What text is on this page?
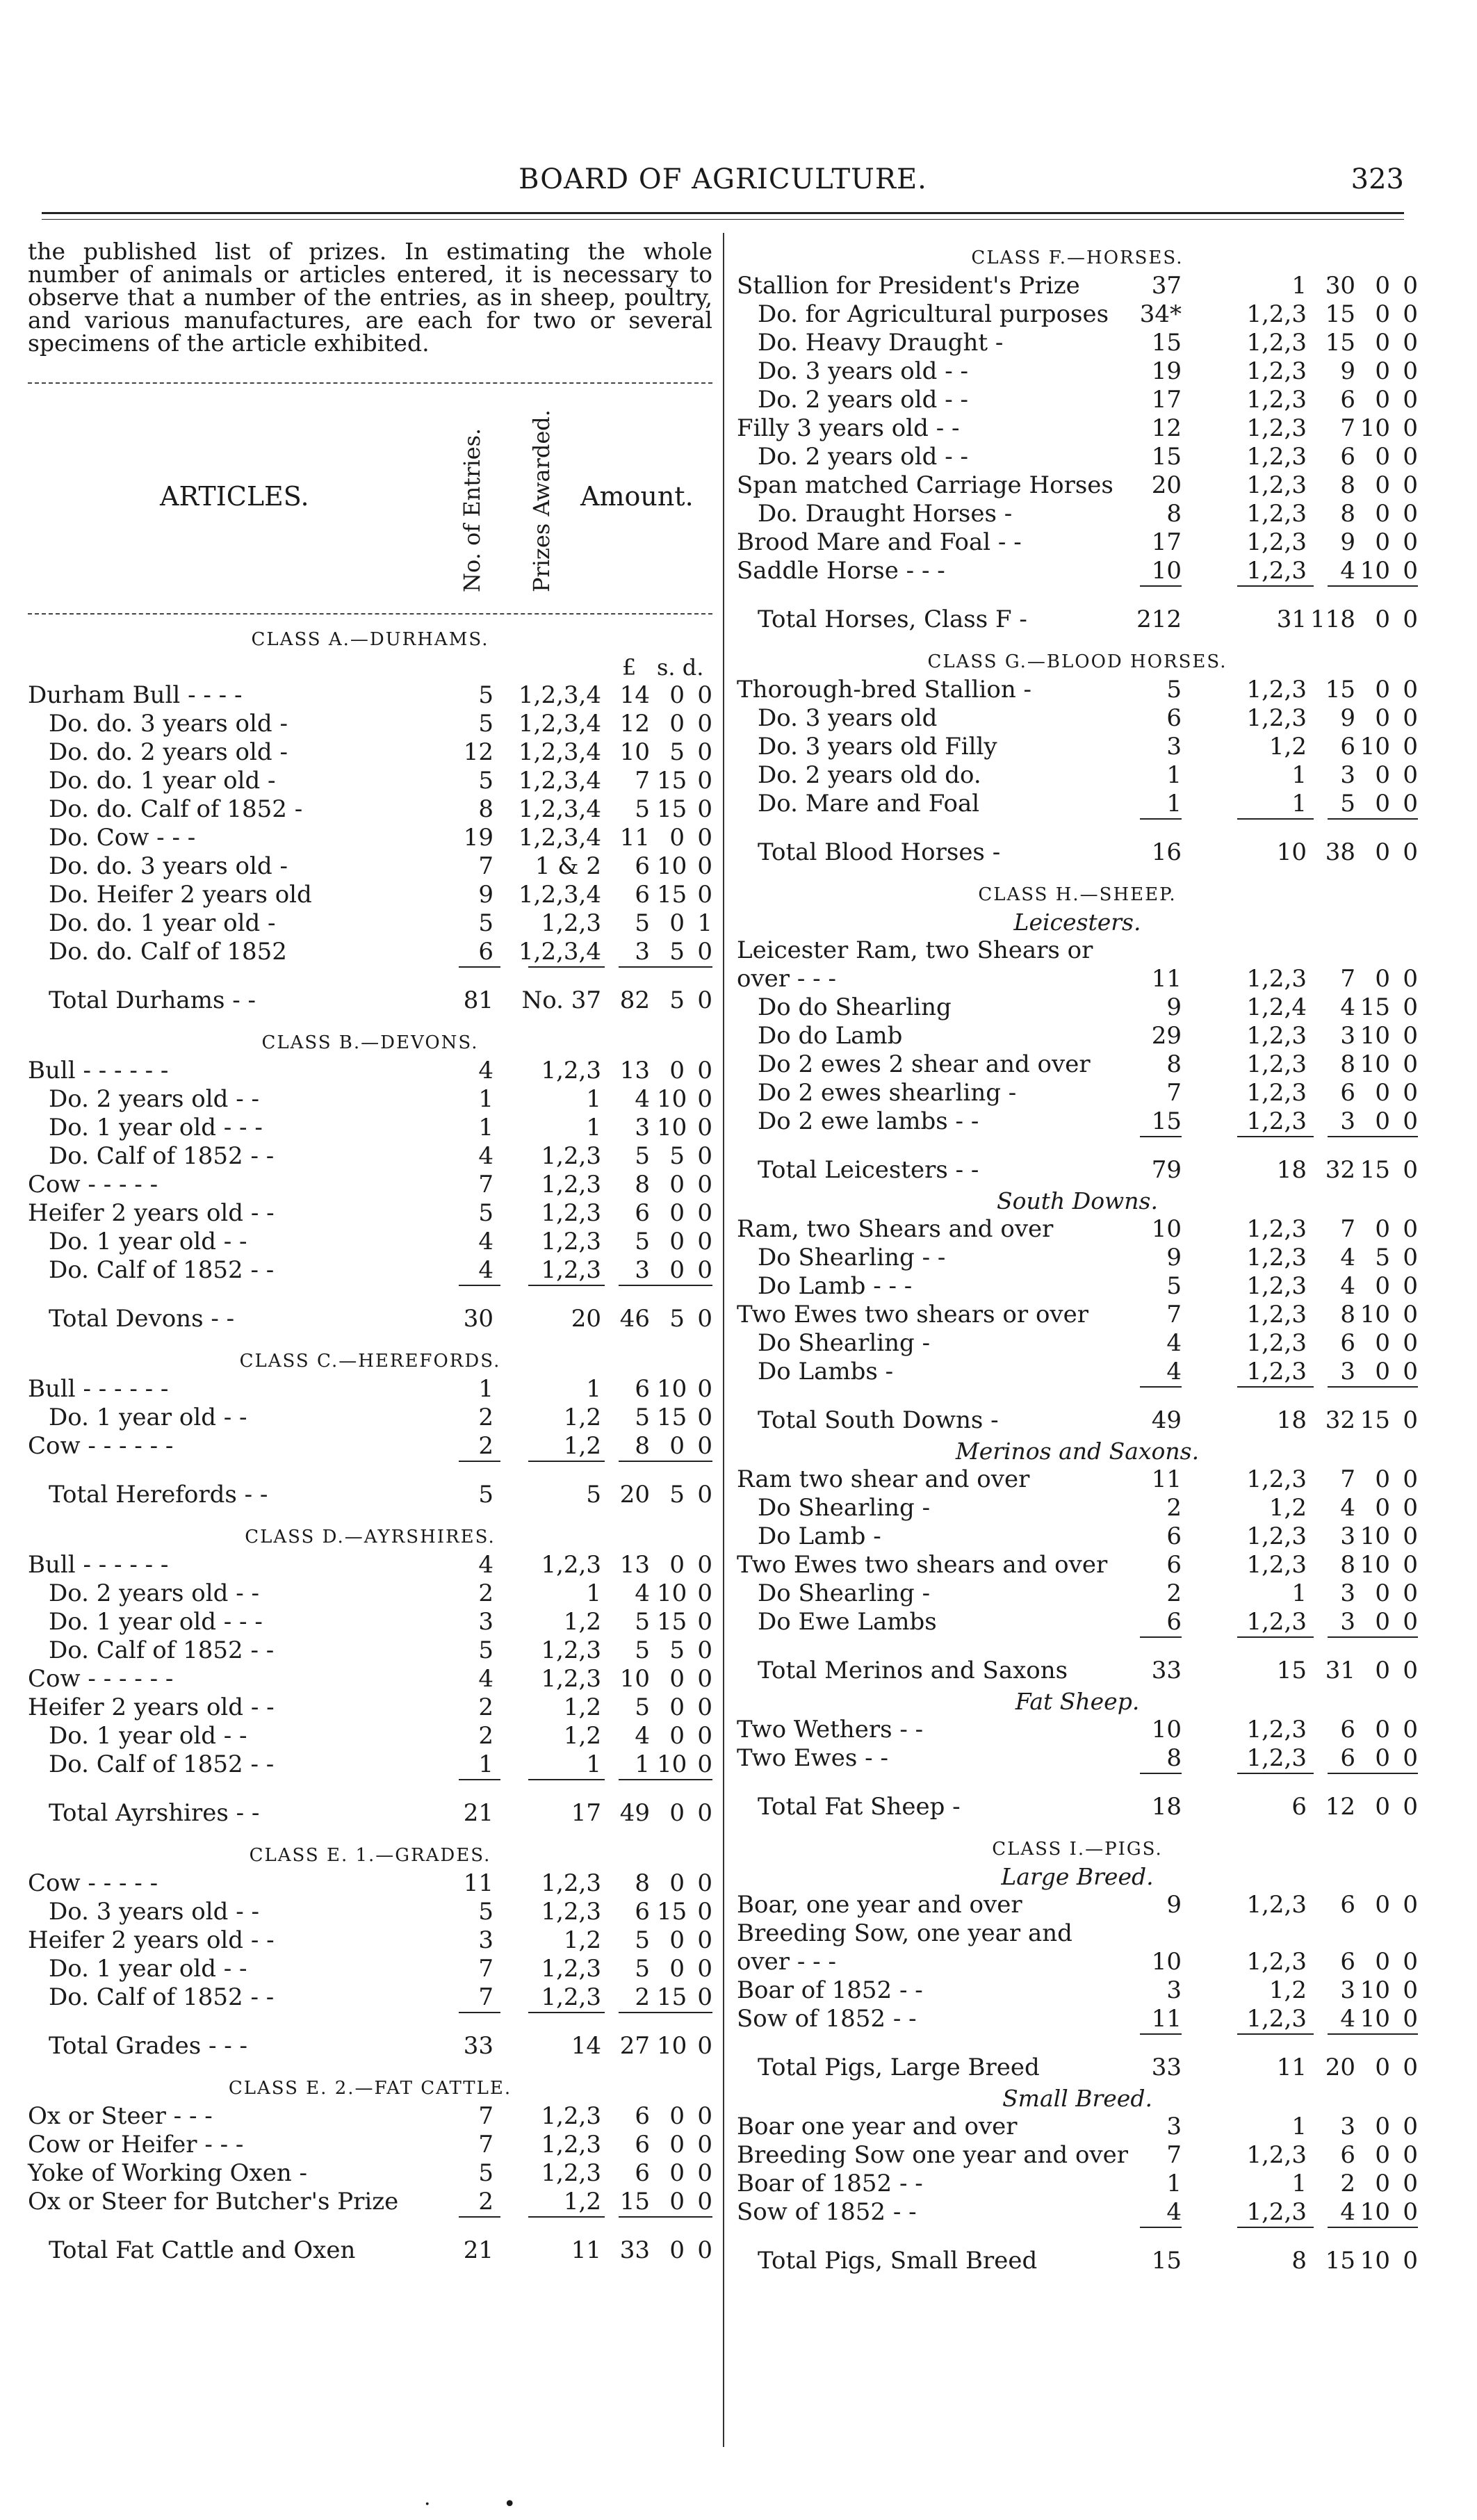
BOARD OF AGRICULTURE.	323

the published list of prizes. In estimating the whole number of animals or articles entered, it is necessary to observe that a number of the entries, as in sheep, poultry, and various manufactures, are each for two or several specimens of the article exhibited.

ARTICLES.	No. of Entries. Prizes Awarded. Amount.
CLASS A.—DURHAMS.
£ s. d.
Durham Bull - - - -	5	1,2,3,4 14 0 0
Do. do. 3 years old -	5	1,2,3,4 12 0 0
Do. do. 2 years old -	12	1,2,3,4 10 5 0
Do. do. 1 year old -	5	1,2,3,4	7 15 0
Do. do. Calf of 1852 -	8	1,2,3,4	5 15 0
Do. Cow - - -	19	1,2,3,4 11 0 0
Do. do. 3 years old -	7	1 & 2	6 10 0
Do. Heifer 2 years old	9	1,2,3,4	6 15 0
Do. do. 1 year old -	5	1,2,3	5 0 1
Do. do. Calf of 1852	6	1,2,3,4	3 5 0
Total Durhams - -	81	No. 37 82 5 0
CLASS B.—DEVONS.
Bull - - - - - -	4	1,2,3 13 0 0
Do. 2 years old - -	1	1	4 10 0
Do. 1 year old - - -	1	1	3 10 0
Do. Calf of 1852 - -	4	1,2,3	5 5 0
Cow - - - - -	7	1,2,3	8 0 0
Heifer 2 years old - -	5	1,2,3	6 0 0
Do. 1 year old - -	4	1,2,3	5 0 0
Do. Calf of 1852 - -	4	1,2,3	3 0 0
Total Devons - -	30	20 46 5 0
CLASS C.—HEREFORDS.
Bull - - - - - -	1	1	6 10 0
Do. 1 year old - -	2	1,2	5 15 0
Cow - - - - - -	2	1,2	8 0 0
Total Herefords - -	5	5 20 5 0
CLASS D.—AYRSHIRES.
Bull - - - - - -	4	1,2,3 13 0 0
Do. 2 years old - -	2	1	4 10 0
Do. 1 year old - - -	3	1,2	5 15 0
Do. Calf of 1852 - -	5	1,2,3	5 5 0
Cow - - - - - -	4	1,2,3 10 0 0
Heifer 2 years old - -	2	1,2	5 0 0
Do. 1 year old - -	2	1,2	4 0 0
Do. Calf of 1852 - -	1	1	1 10 0
Total Ayrshires - -	21	17 49 0 0
CLASS E. 1.—GRADES.
Cow - - - - -	11	1,2,3	8 0 0
Do. 3 years old - -	5	1,2,3	6 15 0
Heifer 2 years old - -	3	1,2	5 0 0
Do. 1 year old - -	7	1,2,3	5 0 0
Do. Calf of 1852 - -	7	1,2,3	2 15 0
Total Grades - - -	33	14 27 10 0
CLASS E. 2.—FAT CATTLE.
Ox or Steer - - -	7	1,2,3	6 0 0
Cow or Heifer - - -	7	1,2,3	6 0 0
Yoke of Working Oxen -	5	1,2,3	6 0 0
Ox or Steer for Butcher's Prize	2	1,2 15 0 0
Total Fat Cattle and Oxen	21	11 33 0 0
CLASS F.—HORSES.
Stallion for President's Prize	37	1 30 0 0
Do. for Agricultural purposes	34*	1,2,3 15 0 0
Do. Heavy Draught -	15	1,2,3 15 0 0
Do. 3 years old - -	19	1,2,3	9 0 0
Do. 2 years old - -	17	1,2,3	6 0 0
Filly 3 years old - -	12	1,2,3	7 10 0
Do. 2 years old - -	15	1,2,3	6 0 0
Span matched Carriage Horses	20	1,2,3	8 0 0
Do. Draught Horses -	8	1,2,3	8 0 0
Brood Mare and Foal - -	17	1,2,3	9 0 0
Saddle Horse - - -	10	1,2,3	4 10 0
Total Horses, Class F -	212	31 118 0 0
CLASS G.—BLOOD HORSES.
Thorough-bred Stallion -	5	1,2,3 15 0 0
Do. 3 years old	6	1,2,3	9 0 0
Do. 3 years old Filly	3	1,2	6 10 0
Do. 2 years old do.	1	1	3 0 0
Do. Mare and Foal	1	1	5 0 0
Total Blood Horses -	16	10 38 0 0
CLASS H.—SHEEP.
Leicesters.
Leicester Ram, two Shears or
over - - -	11	1,2,3	7 0 0
Do do Shearling	9	1,2,4	4 15 0
Do do Lamb	29	1,2,3	3 10 0
Do 2 ewes 2 shear and over	8	1,2,3	8 10 0
Do 2 ewes shearling -	7	1,2,3	6 0 0
Do 2 ewe lambs - -	15	1,2,3	3 0 0
Total Leicesters - -	79	18 32 15 0
South Downs.
Ram, two Shears and over	10	1,2,3	7 0 0
Do Shearling - -	9	1,2,3	4 5 0
Do Lamb - - -	5	1,2,3	4 0 0
Two Ewes two shears or over	7	1,2,3	8 10 0
Do Shearling -	4	1,2,3	6 0 0
Do Lambs -	4	1,2,3	3 0 0
Total South Downs -	49	18 32 15 0
Merinos and Saxons.
Ram two shear and over	11	1,2,3	7 0 0
Do Shearling -	2	1,2	4 0 0
Do Lamb -	6	1,2,3	3 10 0
Two Ewes two shears and over	6	1,2,3	8 10 0
Do Shearling -	2	1	3 0 0
Do Ewe Lambs	6	1,2,3	3 0 0
Total Merinos and Saxons	33	15 31 0 0
Fat Sheep.
Two Wethers - -	10	1,2,3	6 0 0
Two Ewes - -	8	1,2,3	6 0 0
Total Fat Sheep -	18	6 12 0 0
CLASS I.—PIGS.
Large Breed.
Boar, one year and over	9	1,2,3	6 0 0
Breeding Sow, one year and
over - - -	10	1,2,3	6 0 0
Boar of 1852 - -	3	1,2	3 10 0
Sow of 1852 - -	11	1,2,3	4 10 0
Total Pigs, Large Breed	33	11 20 0 0
Small Breed.
Boar one year and over	3	1	3 0 0
Breeding Sow one year and over	7	1,2,3	6 0 0
Boar of 1852 - -	1	1	2 0 0
Sow of 1852 - -	4	1,2,3	4 10 0
Total Pigs, Small Breed	15	8 15 10 0
·           •
